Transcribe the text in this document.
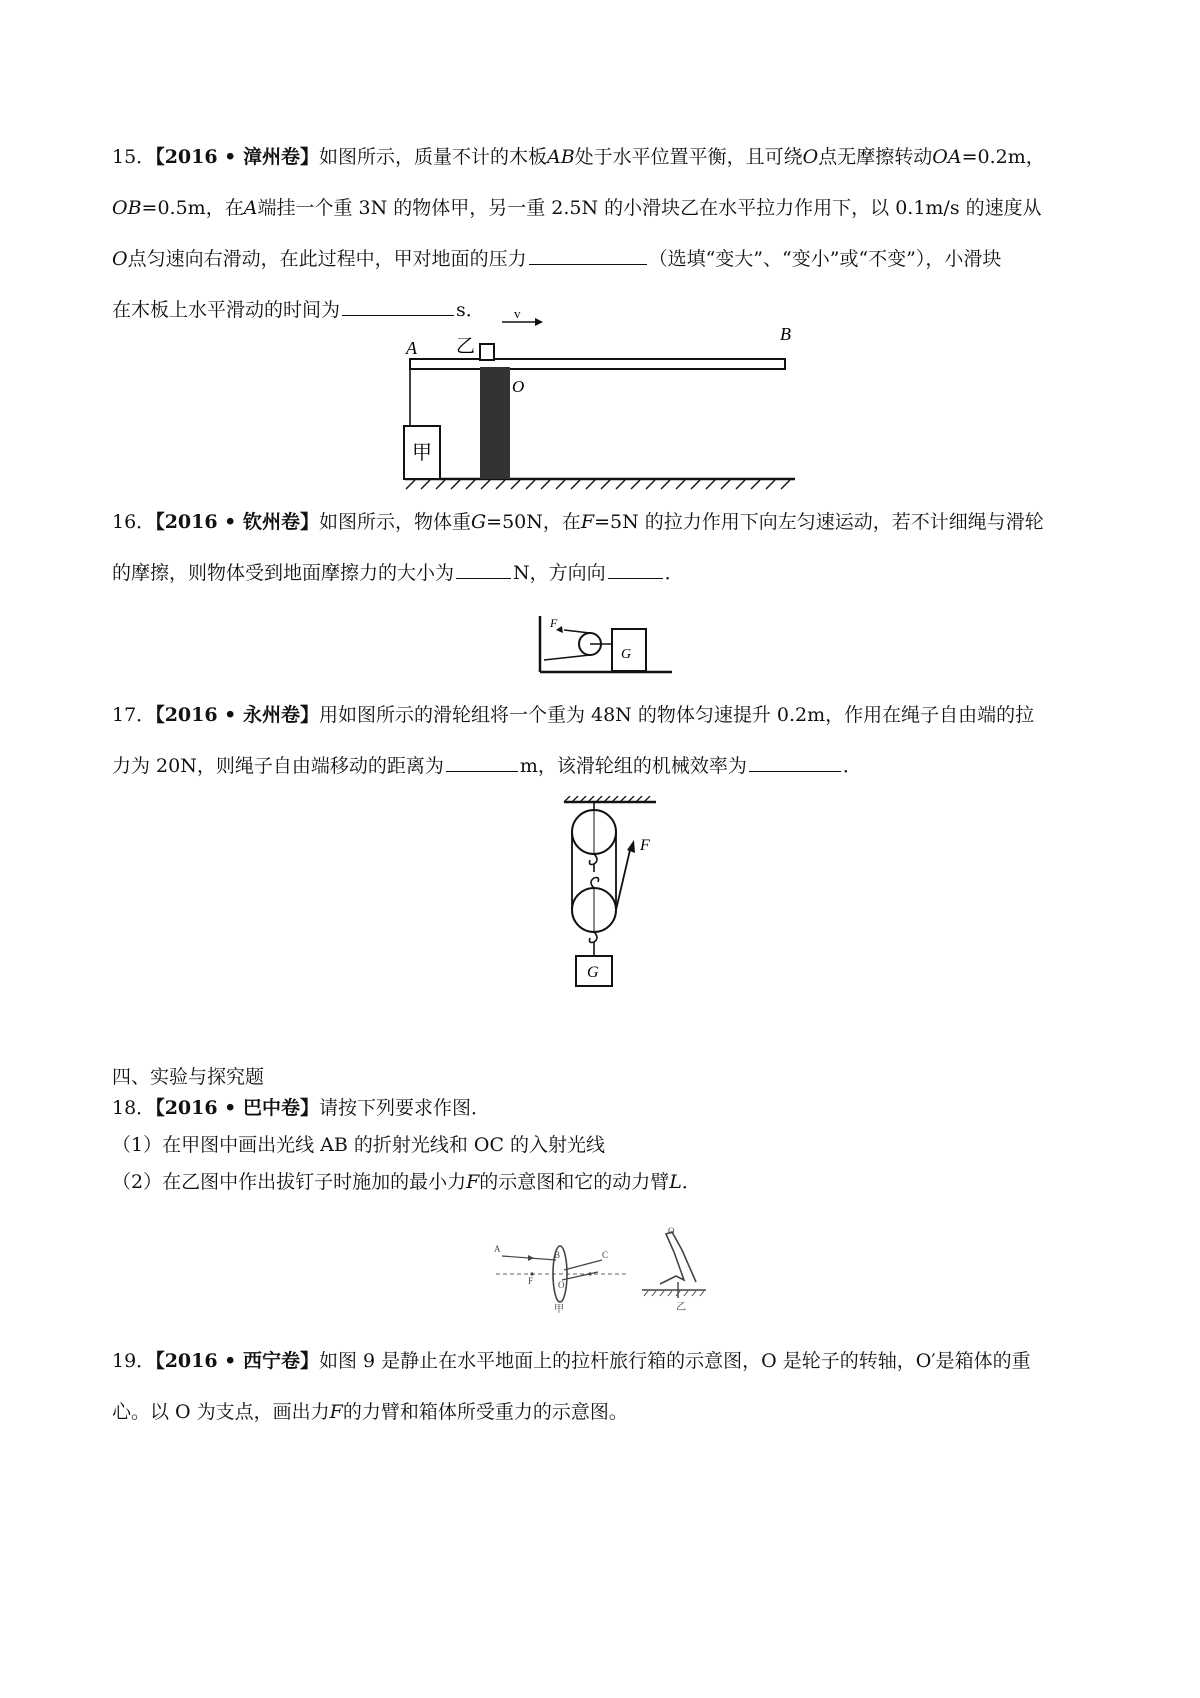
15．【2016 • 漳州卷】如图所示，质量不计的木板AB处于水平位置平衡，且可绕O点无摩擦转动OA=0.2m，
OB=0.5m，在A端挂一个重 3N 的物体甲，另一重 2.5N 的小滑块乙在水平拉力作用下，以 0.1m/s 的速度从
O点匀速向右滑动，在此过程中，甲对地面的压力	（选填“变大”、“变小”或“不变”），小滑块
在木板上水平滑动的时间为	s．
A
B
O
乙
v
甲
16．【2016 • 钦州卷】如图所示，物体重G=50N，在F=5N 的拉力作用下向左匀速运动，若不计细绳与滑轮
的摩擦，则物体受到地面摩擦力的大小为	N，方向向	．
F
G
17．【2016 • 永州卷】用如图所示的滑轮组将一个重为 48N 的物体匀速提升 0.2m，作用在绳子自由端的拉
力为 20N，则绳子自由端移动的距离为	m，该滑轮组的机械效率为	．
F
G
四、实验与探究题
18．【2016 • 巴中卷】请按下列要求作图．
（1）在甲图中画出光线 AB 的折射光线和 OC 的入射光线
（2）在乙图中作出拔钉子时施加的最小力F的示意图和它的动力臂L．
A
B
O
C
F
甲
O
乙
19．【2016 • 西宁卷】如图 9 是静止在水平地面上的拉杆旅行箱的示意图，O 是轮子的转轴，O′是箱体的重
心。以 O 为支点，画出力F的力臂和箱体所受重力的示意图。
